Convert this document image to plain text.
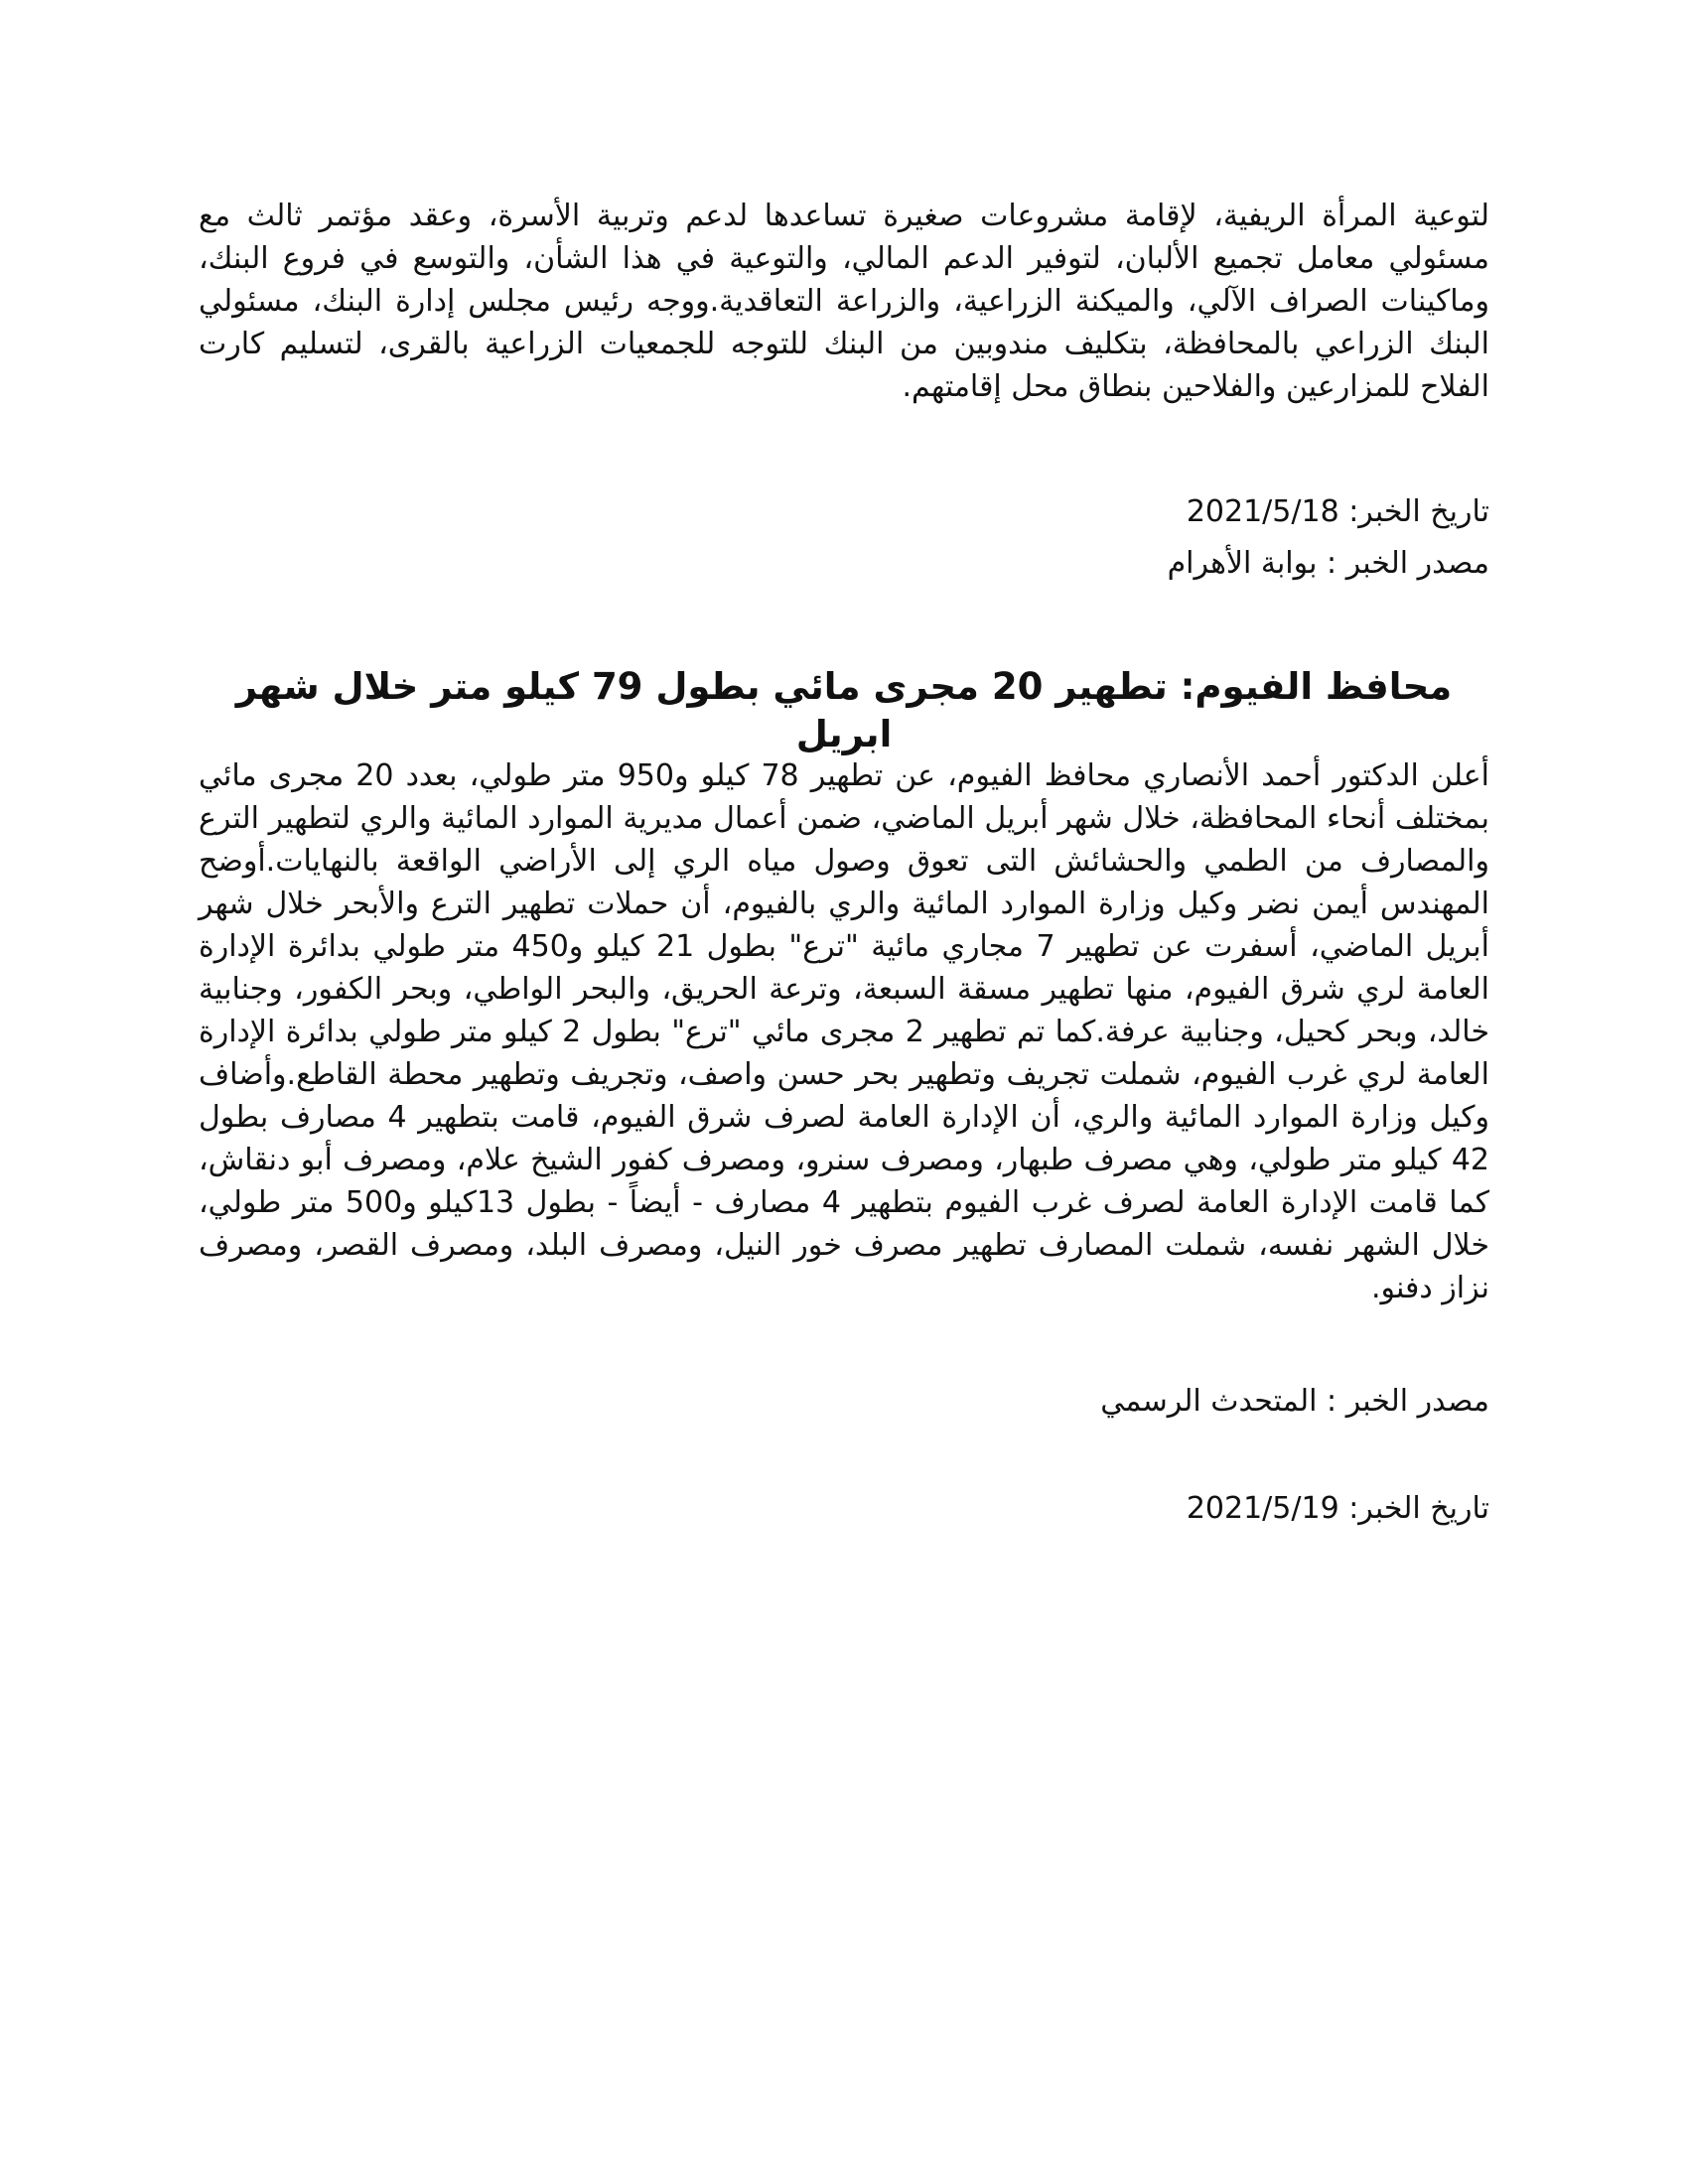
لتوعية المرأة الريفية، لإقامة مشروعات صغيرة تساعدها لدعم وتربية الأسرة، وعقد مؤتمر ثالث مع مسئولي معامل تجميع الألبان، لتوفير الدعم المالي، والتوعية في هذا الشأن، والتوسع في فروع البنك، وماكينات الصراف الآلي، والميكنة الزراعية، والزراعة التعاقدية.ووجه رئيس مجلس إدارة البنك، مسئولي البنك الزراعي بالمحافظة، بتكليف مندوبين من البنك للتوجه للجمعيات الزراعية بالقرى، لتسليم كارت الفلاح للمزارعين والفلاحين بنطاق محل إقامتهم.

تاريخ الخبر: 2021/5/18

مصدر الخبر : بوابة الأهرام

محافظ الفيوم: تطهير 20 مجرى مائي بطول 79 كيلو متر خلال شهر ابريل

أعلن الدكتور أحمد الأنصاري محافظ الفيوم، عن تطهير 78 كيلو و950 متر طولي، بعدد 20 مجرى مائي بمختلف أنحاء المحافظة، خلال شهر أبريل الماضي، ضمن أعمال مديرية الموارد المائية والري لتطهير الترع والمصارف من الطمي والحشائش التى تعوق وصول مياه الري إلى الأراضي الواقعة بالنهايات.أوضح المهندس أيمن نضر وكيل وزارة الموارد المائية والري بالفيوم، أن حملات تطهير الترع والأبحر خلال شهر أبريل الماضي، أسفرت عن تطهير 7 مجاري مائية "ترع" بطول 21 كيلو و450 متر طولي بدائرة الإدارة العامة لري شرق الفيوم، منها تطهير مسقة السبعة، وترعة الحريق، والبحر الواطي، وبحر الكفور، وجنابية خالد، وبحر كحيل، وجنابية عرفة.كما تم تطهير 2 مجرى مائي "ترع" بطول 2 كيلو متر طولي بدائرة الإدارة العامة لري غرب الفيوم، شملت تجريف وتطهير بحر حسن واصف، وتجريف وتطهير محطة القاطع.وأضاف وكيل وزارة الموارد المائية والري، أن الإدارة العامة لصرف شرق الفيوم، قامت بتطهير 4 مصارف بطول 42 كيلو متر طولي، وهي مصرف طبهار، ومصرف سنرو، ومصرف كفور الشيخ علام، ومصرف أبو دنقاش، كما قامت الإدارة العامة لصرف غرب الفيوم بتطهير 4 مصارف - أيضاً - بطول 13كيلو و500 متر طولي، خلال الشهر نفسه، شملت المصارف تطهير مصرف خور النيل، ومصرف البلد، ومصرف القصر، ومصرف نزاز دفنو.

مصدر الخبر : المتحدث الرسمي

تاريخ الخبر: 2021/5/19
